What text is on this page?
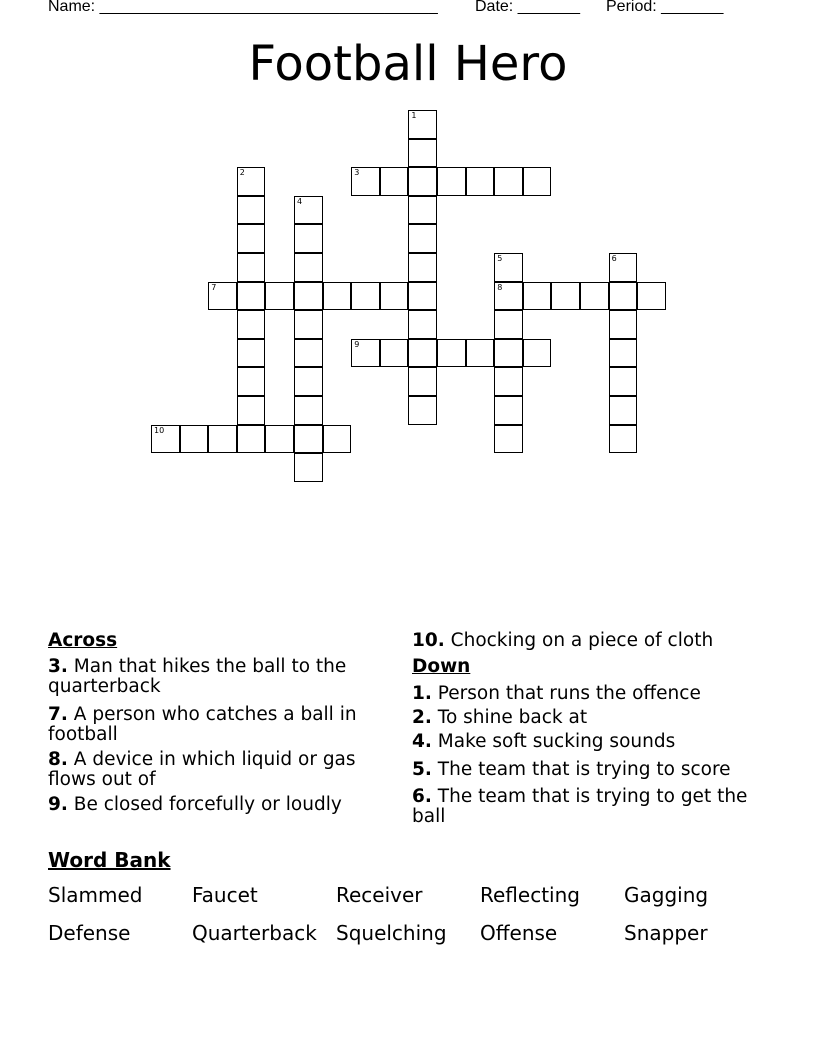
Name: ______________________________________

Date: _______

Period: _______

Football Hero
1
2	3
4
5
8
6
7
9
10
Across
3. Man that hikes the ball to the quarterback
7. A person who catches a ball in football
8. A device in which liquid or gas flows out of
9. Be closed forcefully or loudly
10. Chocking on a piece of cloth
Down
1. Person that runs the offence
2. To shine back at
4. Make soft sucking sounds
5. The team that is trying to score
6. The team that is trying to get the ball
Word Bank
Slammed Faucet	Receiver	Reflecting Gagging
Defense	Quarterback Squelching Offense	Snapper
